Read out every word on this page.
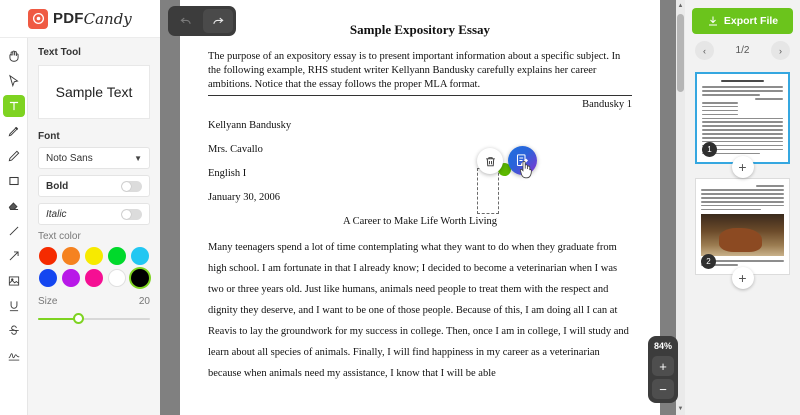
PDF Candy
Text Tool
Sample Text
Font
Noto Sans	▼
Bold
Italic
Text color
Size	20
Sample Expository Essay
The purpose of an expository essay is to present important information about a specific subject. In the following example, RHS student writer Kellyann Bandusky carefully explains her career ambitions. Notice that the essay follows the proper MLA format.
Bandusky 1
Kellyann Bandusky
Mrs. Cavallo
English I
January 30, 2006
A Career to Make Life Worth Living
Many teenagers spend a lot of time contemplating what they want to do when they graduate from high school. I am fortunate in that I already know; I decided to become a veterinarian when I was two or three years old. Just like humans, animals need people to treat them with the respect and dignity they deserve, and I want to be one of those people. Because of this, I am doing all I can at Reavis to lay the groundwork for my success in college. Then, once I am in college, I will study and learn about all species of animals. Finally, I will find happiness in my career as a veterinarian because when animals need my assistance, I know that I will be able
84%
+
−
▲
▼
Export File
‹	1/2	›
1
+
2
+
